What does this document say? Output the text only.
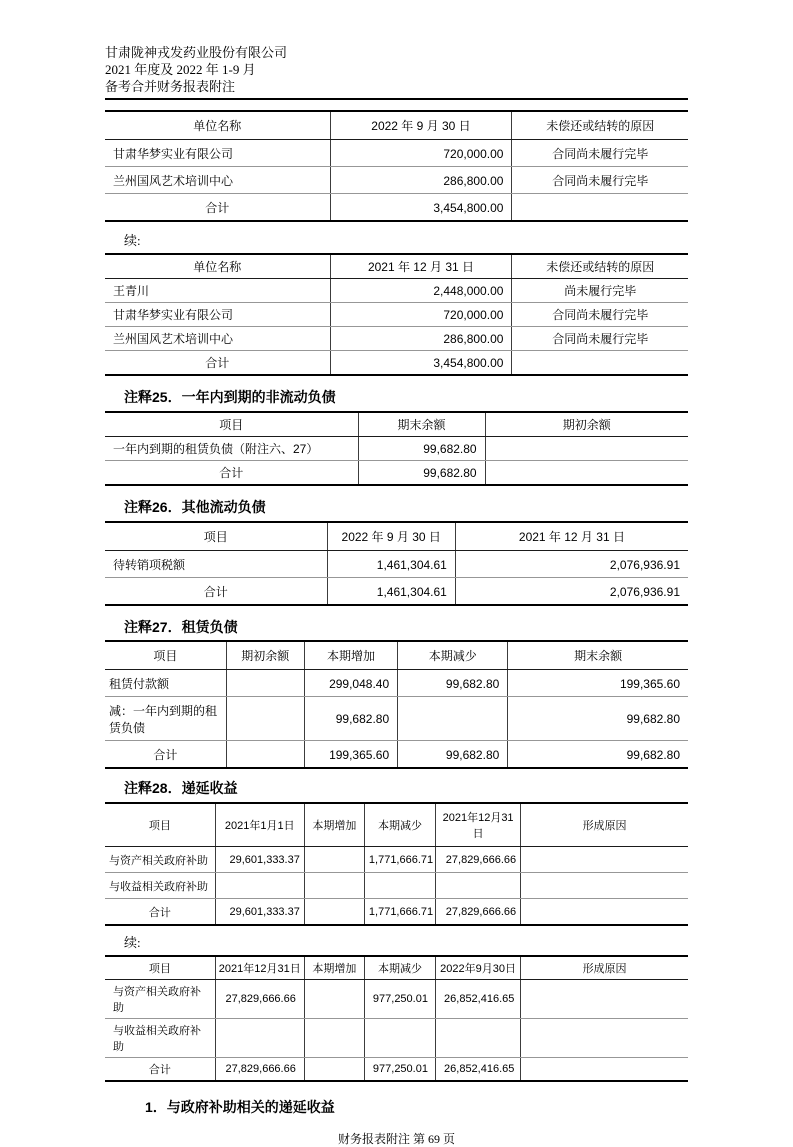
甘肃陇神戎发药业股份有限公司
2021 年度及 2022 年 1-9 月
备考合并财务报表附注
单位名称	2022 年 9 月 30 日	未偿还或结转的原因
甘肃华梦实业有限公司	720,000.00	合同尚未履行完毕
兰州国风艺术培训中心	286,800.00	合同尚未履行完毕
合计	3,454,800.00	
续:
单位名称	2021 年 12 月 31 日	未偿还或结转的原因
王青川	2,448,000.00	尚未履行完毕
甘肃华梦实业有限公司	720,000.00	合同尚未履行完毕
兰州国风艺术培训中心	286,800.00	合同尚未履行完毕
合计	3,454,800.00	
注释25．一年内到期的非流动负债
项目	期末余额	期初余额
一年内到期的租赁负债（附注六、27）	99,682.80	
合计	99,682.80	
注释26．其他流动负债
项目	2022 年 9 月 30 日	2021 年 12 月 31 日
待转销项税额	1,461,304.61	2,076,936.91
合计	1,461,304.61	2,076,936.91
注释27．租赁负债
项目	期初余额	本期增加	本期减少	期末余额
租赁付款额		299,048.40	99,682.80	199,365.60
减：一年内到期的租赁负债		99,682.80		99,682.80
合计		199,365.60	99,682.80	99,682.80
注释28．递延收益
项目	2021年1月1日	本期增加	本期减少	2021年12月31日	形成原因
与资产相关政府补助	29,601,333.37		1,771,666.71	27,829,666.66	
与收益相关政府补助					
合计	29,601,333.37		1,771,666.71	27,829,666.66	
续:
项目	2021年12月31日	本期增加	本期减少	2022年9月30日	形成原因
与资产相关政府补助	27,829,666.66		977,250.01	26,852,416.65	
与收益相关政府补助					
合计	27,829,666.66		977,250.01	26,852,416.65	
1．与政府补助相关的递延收益
财务报表附注 第 69 页
